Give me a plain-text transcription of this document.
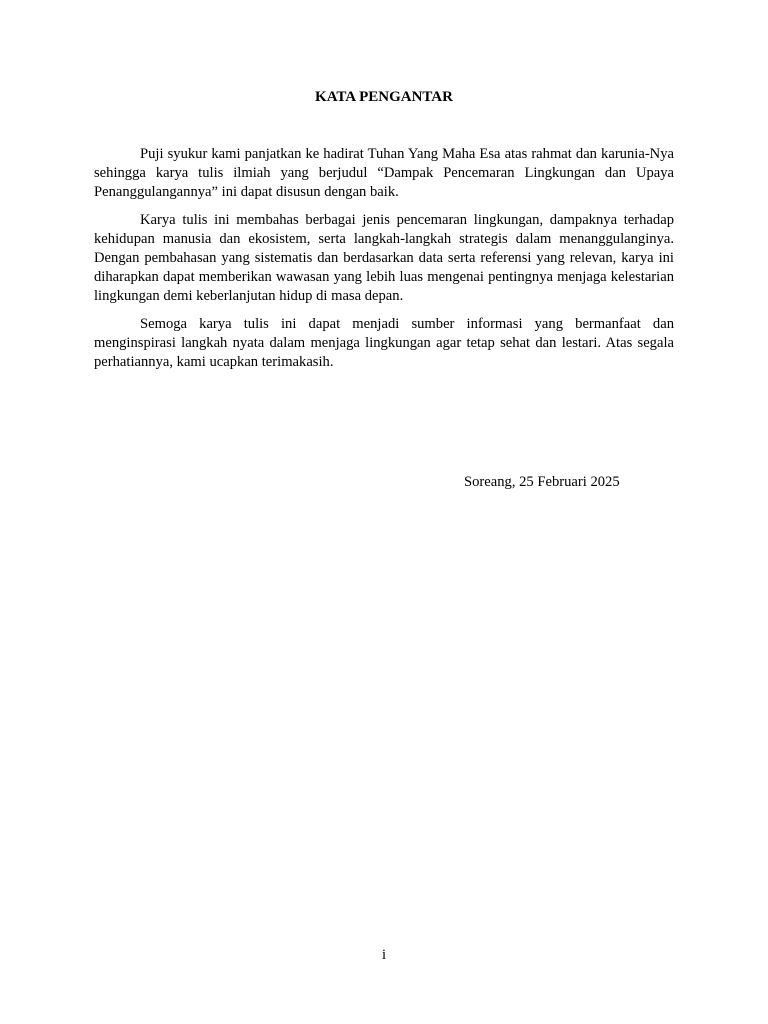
KATA PENGANTAR

Puji syukur kami panjatkan ke hadirat Tuhan Yang Maha Esa atas rahmat dan karunia-Nya sehingga karya tulis ilmiah yang berjudul “Dampak Pencemaran Lingkungan dan Upaya Penanggulangannya” ini dapat disusun dengan baik.

Karya tulis ini membahas berbagai jenis pencemaran lingkungan, dampaknya terhadap kehidupan manusia dan ekosistem, serta langkah-langkah strategis dalam menanggulanginya. Dengan pembahasan yang sistematis dan berdasarkan data serta referensi yang relevan, karya ini diharapkan dapat memberikan wawasan yang lebih luas mengenai pentingnya menjaga kelestarian lingkungan demi keberlanjutan hidup di masa depan.

Semoga karya tulis ini dapat menjadi sumber informasi yang bermanfaat dan menginspirasi langkah nyata dalam menjaga lingkungan agar tetap sehat dan lestari. Atas segala perhatiannya, kami ucapkan terimakasih.

Soreang, 25 Februari 2025

i
